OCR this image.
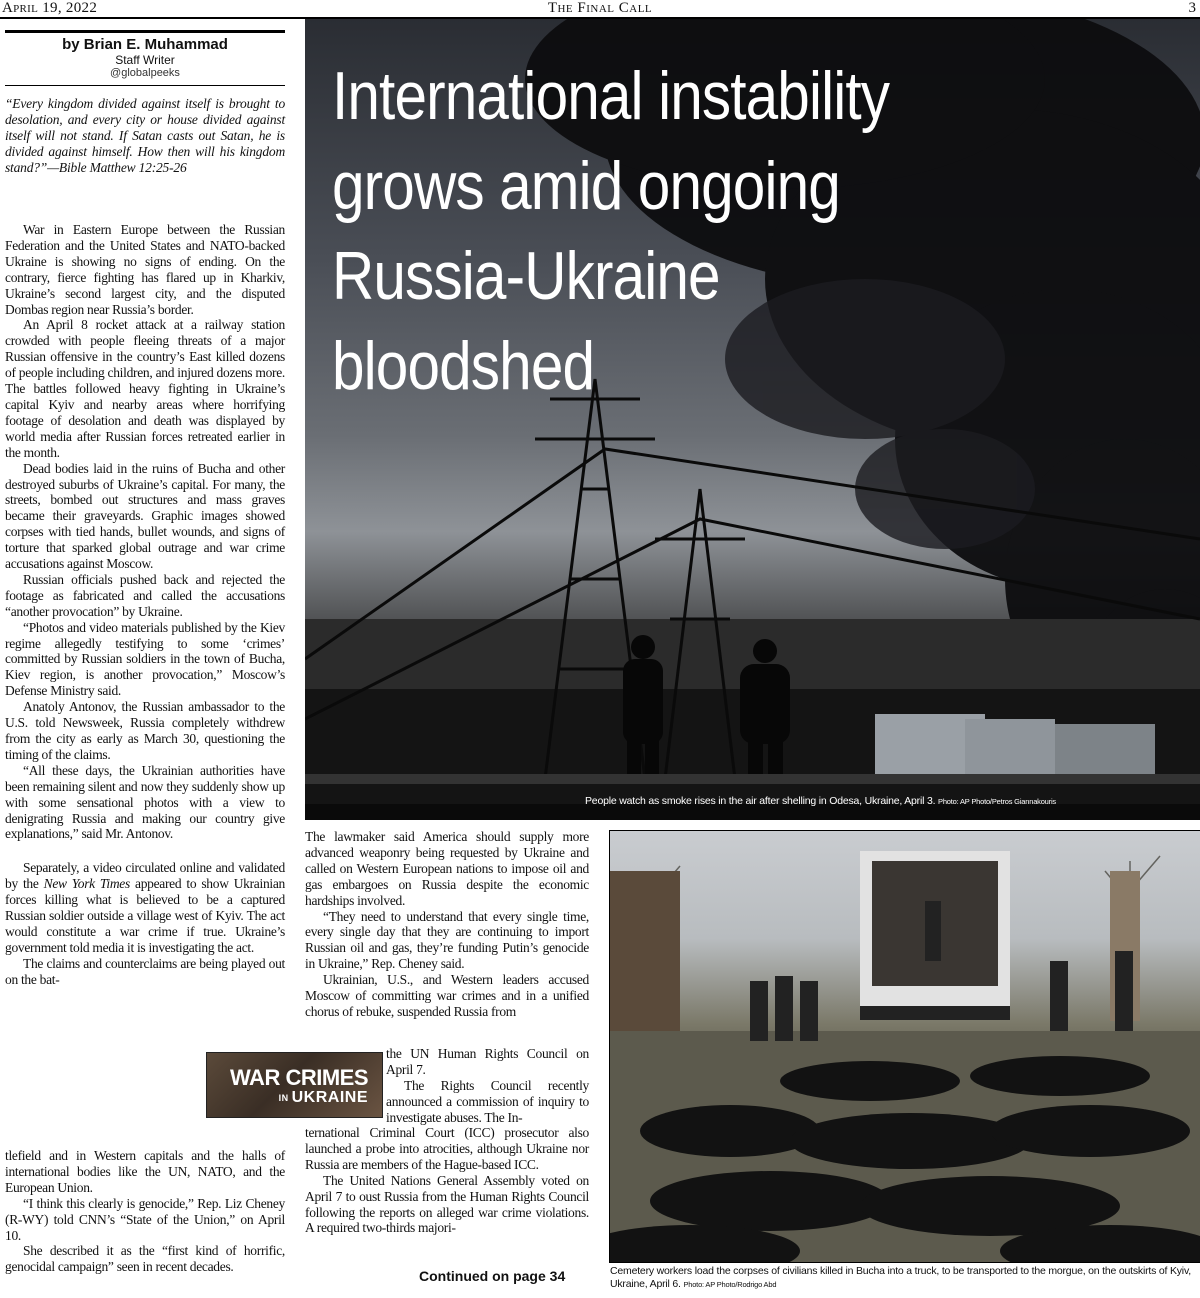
April 19, 2022	The Final Call	3
by Brian E. Muhammad
Staff Writer
@globalpeeks
“Every kingdom divided against itself is brought to desolation, and every city or house divided against itself will not stand. If Satan casts out Satan, he is divided against himself. How then will his kingdom stand?”—Bible Matthew 12:25-26

War in Eastern Europe between the Russian Federation and the United States and NATO-backed Ukraine is showing no signs of ending. On the contrary, fierce fighting has flared up in Kharkiv, Ukraine’s second largest city, and the disputed Dombas region near Russia’s border.

An April 8 rocket attack at a railway station crowded with people fleeing threats of a major Russian offensive in the country’s East killed dozens of people including children, and injured dozens more. The battles followed heavy fighting in Ukraine’s capital Kyiv and nearby areas where horrifying footage of desolation and death was displayed by world media after Russian forces retreated earlier in the month.

Dead bodies laid in the ruins of Bucha and other destroyed suburbs of Ukraine’s capital. For many, the streets, bombed out structures and mass graves became their graveyards. Graphic images showed corpses with tied hands, bullet wounds, and signs of torture that sparked global outrage and war crime accusations against Moscow.

Russian officials pushed back and rejected the footage as fabricated and called the accusations “another provocation” by Ukraine.

“Photos and video materials published by the Kiev regime allegedly testifying to some ‘crimes’ committed by Russian soldiers in the town of Bucha, Kiev region, is another provocation,” Moscow’s Defense Ministry said.

Anatoly Antonov, the Russian ambassador to the U.S. told Newsweek, Russia completely withdrew from the city as early as March 30, questioning the timing of the claims.

“All these days, the Ukrainian authorities have been remaining silent and now they suddenly show up with some sensational photos with a view to denigrating Russia and making our country give explanations,” said Mr. Antonov.

Separately, a video circulated online and validated by the New York Times appeared to show Ukrainian forces killing what is believed to be a captured Russian soldier outside a village west of Kyiv. The act would constitute a war crime if true. Ukraine’s government told media it is investigating the act.

The claims and counterclaims are being played out on the bat-

WAR CRIMES
IN UKRAINE

tlefield and in Western capitals and the halls of international bodies like the UN, NATO, and the European Union.

“I think this clearly is genocide,” Rep. Liz Cheney (R-WY) told CNN’s “State of the Union,” on April 10.

She described it as the “first kind of horrific, genocidal campaign” seen in recent decades.

International instability grows amid ongoing Russia-Ukraine bloodshed
People watch as smoke rises in the air after shelling in Odesa, Ukraine, April 3. Photo: AP Photo/Petros Giannakouris

The lawmaker said America should supply more advanced weaponry being requested by Ukraine and called on Western European nations to impose oil and gas embargoes on Russia despite the economic hardships involved.

“They need to understand that every single time, every single day that they are continuing to import Russian oil and gas, they’re funding Putin’s genocide in Ukraine,” Rep. Cheney said.

Ukrainian, U.S., and Western leaders accused Moscow of committing war crimes and in a unified chorus of rebuke, suspended Russia from

the UN Human Rights Council on April 7.

The Rights Council recently announced a commission of inquiry to investigate abuses. The In-

ternational Criminal Court (ICC) prosecutor also launched a probe into atrocities, although Ukraine nor Russia are members of the Hague-based ICC.

The United Nations General Assembly voted on April 7 to oust Russia from the Human Rights Council following the reports on alleged war crime violations. A required two-thirds majori-

Continued on page 34	Cemetery workers load the corpses of civilians killed in Bucha into a truck, to be transported to the morgue, on the outskirts of Kyiv, Ukraine, April 6. Photo: AP Photo/Rodrigo Abd
